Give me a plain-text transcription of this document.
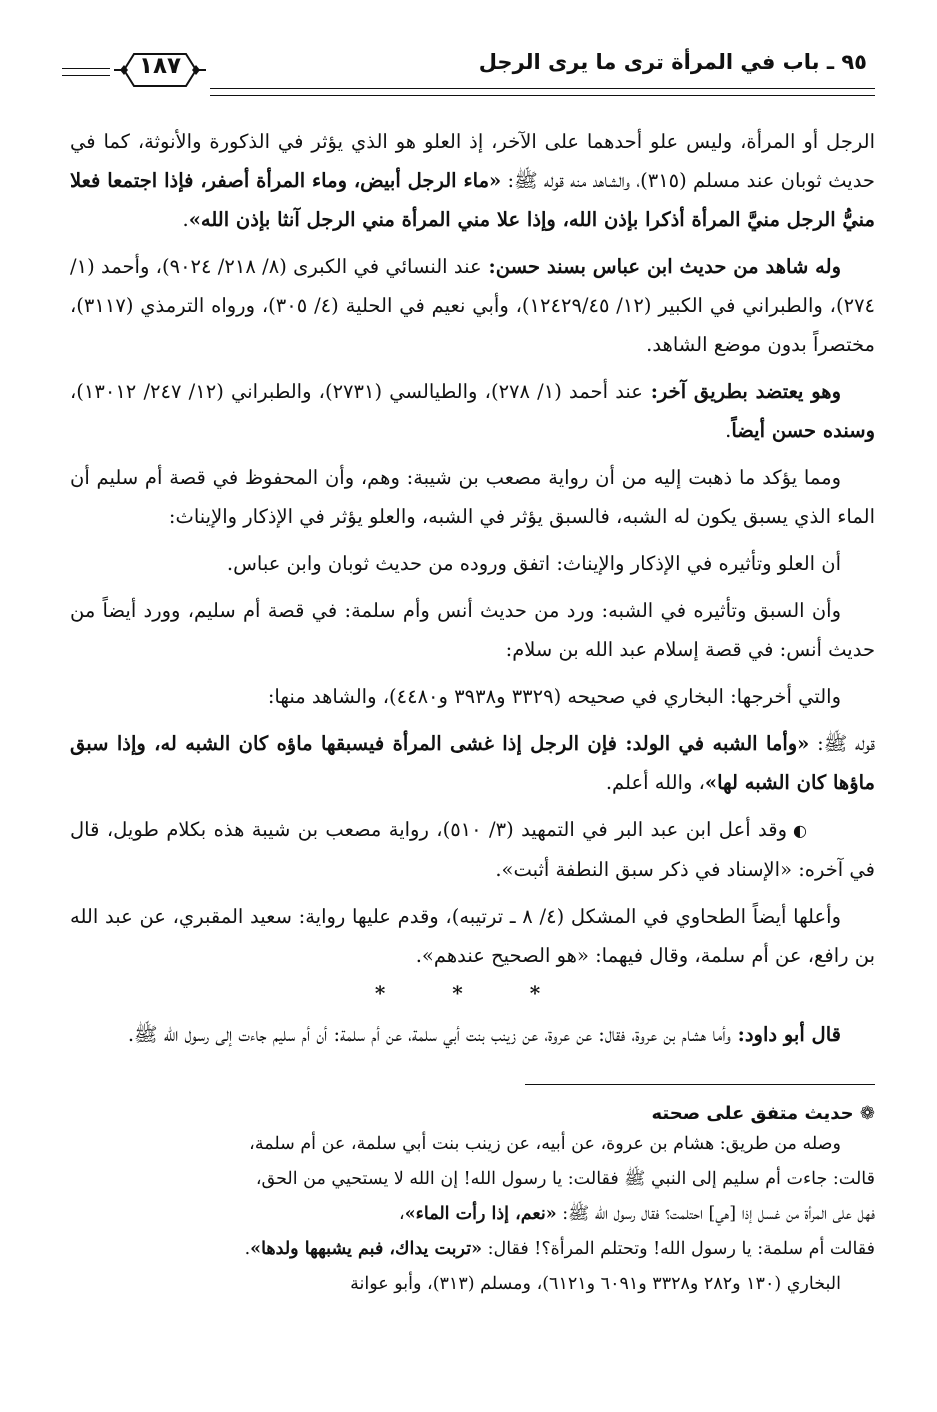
٩٥ ـ باب في المرأة ترى ما يرى الرجل
١٨٧

الرجل أو المرأة، وليس علو أحدهما على الآخر، إذ العلو هو الذي يؤثر في الذكورة والأنوثة، كما في حديث ثوبان عند مسلم (٣١٥)، والشاهد منه قوله ﷺ: «ماء الرجل أبيض، وماء المرأة أصفر، فإذا اجتمعا فعلا منيُّ الرجل منيَّ المرأة أذكرا بإذن الله، وإذا علا مني المرأة مني الرجل آنثا بإذن الله».

وله شاهد من حديث ابن عباس بسند حسن: عند النسائي في الكبرى (٨/ ٢١٨/ ٩٠٢٤)، وأحمد (١/ ٢٧٤)، والطبراني في الكبير (١٢/ ١٢٤٢٩/٤٥)، وأبي نعيم في الحلية (٤/ ٣٠٥)، ورواه الترمذي (٣١١٧)، مختصراً بدون موضع الشاهد.

وهو يعتضد بطريق آخر: عند أحمد (١/ ٢٧٨)، والطيالسي (٢٧٣١)، والطبراني (١٢/ ٢٤٧/ ١٣٠١٢)، وسنده حسن أيضاً.

ومما يؤكد ما ذهبت إليه من أن رواية مصعب بن شيبة: وهم، وأن المحفوظ في قصة أم سليم أن الماء الذي يسبق يكون له الشبه، فالسبق يؤثر في الشبه، والعلو يؤثر في الإذكار والإيناث:

أن العلو وتأثيره في الإذكار والإيناث: اتفق وروده من حديث ثوبان وابن عباس.

وأن السبق وتأثيره في الشبه: ورد من حديث أنس وأم سلمة: في قصة أم سليم، وورد أيضاً من حديث أنس: في قصة إسلام عبد الله بن سلام:

والتي أخرجها: البخاري في صحيحه (٣٣٢٩ و٣٩٣٨ و٤٤٨٠)، والشاهد منها:

قوله ﷺ: «وأما الشبه في الولد: فإن الرجل إذا غشى المرأة فيسبقها ماؤه كان الشبه له، وإذا سبق ماؤها كان الشبه لها»، والله أعلم.

◐وقد أعل ابن عبد البر في التمهيد (٣/ ٥١٠)، رواية مصعب بن شيبة هذه بكلام طويل، قال في آخره: «الإسناد في ذكر سبق النطفة أثبت».

وأعلها أيضاً الطحاوي في المشكل (٤/ ٨ ـ ترتيبه)، وقدم عليها رواية: سعيد المقبري، عن عبد الله بن رافع، عن أم سلمة، وقال فيهما: «هو الصحيح عندهم».

* * *

قال أبو داود: وأما هشام بن عروة، فقال: عن عروة، عن زينب بنت أبي سلمة، عن أم سلمة: أن أم سليم جاءت إلى رسول الله ﷺ.

❁ حديث متفق على صحته

وصله من طريق: هشام بن عروة، عن أبيه، عن زينب بنت أبي سلمة، عن أم سلمة،

قالت: جاءت أم سليم إلى النبي ﷺ فقالت: يا رسول الله! إن الله لا يستحيي من الحق،

فهل على المرأة من غسل إذا [هي] احتلمت؟ فقال رسول الله ﷺ: «نعم، إذا رأت الماء»،

فقالت أم سلمة: يا رسول الله! وتحتلم المرأة؟! فقال: «تربت يداك، فبم يشبهها ولدها».

البخاري (١٣٠ و٢٨٢ و٣٣٢٨ و٦٠٩١ و٦١٢١)، ومسلم (٣١٣)، وأبو عوانة
